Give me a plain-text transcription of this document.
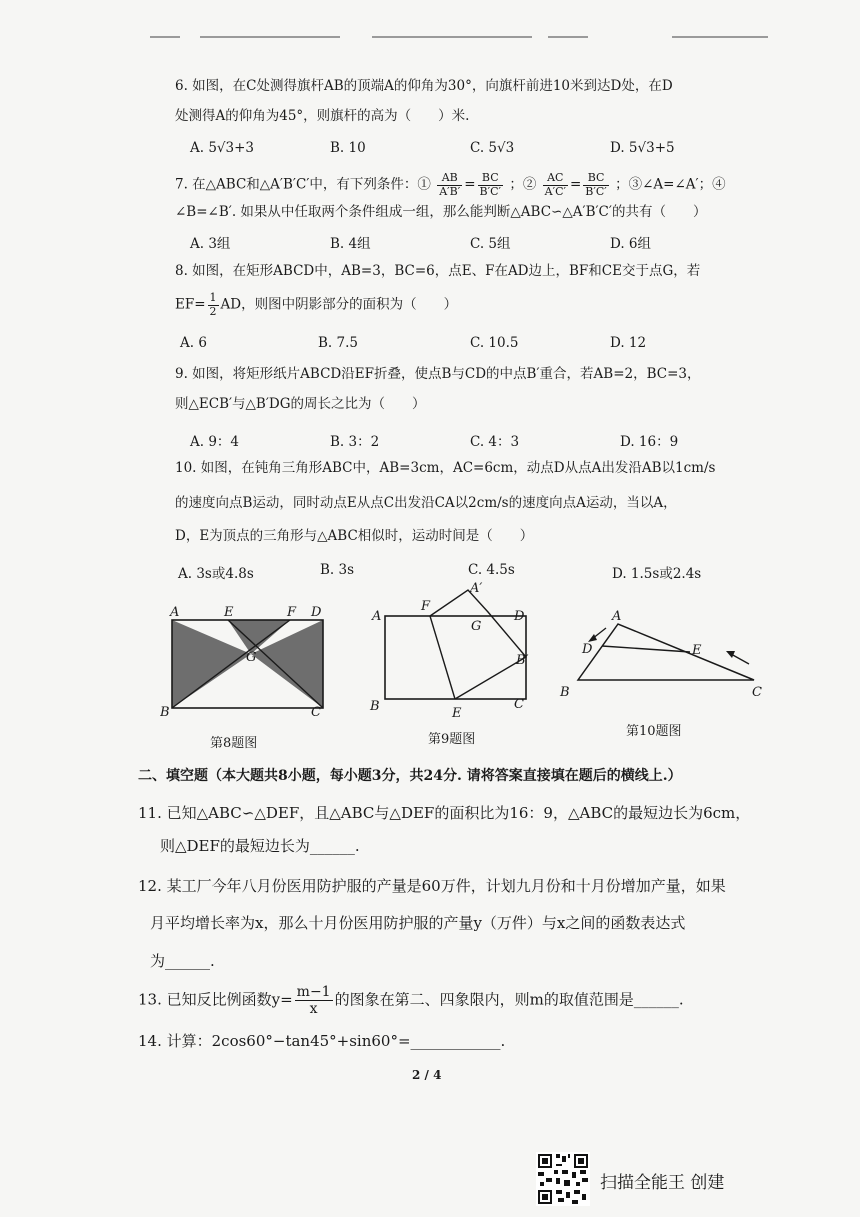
6. 如图，在C处测得旗杆AB的顶端A的仰角为30°，向旗杆前进10米到达D处，在D
处测得A的仰角为45°，则旗杆的高为（　　）米.
A. 5√3+3	B. 10	C. 5√3	D. 5√3+5
7. 在△ABC和△A′B′C′中，有下列条件：① $\frac{AB}{A'B'} = \frac{BC}{B'C'}$ ；② $\frac{AC}{A'C'} = \frac{BC}{B'C'}$ ；③∠A=∠A′；④
∠B=∠B′. 如果从中任取两个条件组成一组，那么能判断△ABC∽△A′B′C′的共有（　　）
A. 3组	B. 4组	C. 5组	D. 6组
8. 如图，在矩形ABCD中，AB=3，BC=6，点E、F在AD边上，BF和CE交于点G，若
$EF= \frac{1}{2}$ AD，则图中阴影部分的面积为（　　）
A. 6	B. 7.5	C. 10.5	D. 12
9. 如图，将矩形纸片ABCD沿EF折叠，使点B与CD的中点B′重合，若AB=2，BC=3，
则△ECB′与△B′DG的周长之比为（　　）
A. 9：4	B. 3：2	C. 4：3	D. 16：9
10. 如图，在钝角三角形ABC中，AB=3cm，AC=6cm，动点D从点A出发沿AB以1cm/s
的速度向点B运动，同时动点E从点C出发沿CA以2cm/s的速度向点A运动，当以A，
D，E为顶点的三角形与△ABC相似时，运动时间是（　　）
A. 3s或4.8s	B. 3s	C. 4.5s	D. 1.5s或2.4s
A	E	F D
G
B	C
第8题图
A
F
A′
D
G
B′
B	E
C
第9题图
A
D	E
B	C
第10题图
二、填空题（本大题共8小题，每小题3分，共24分. 请将答案直接填在题后的横线上.）
11. 已知△ABC∽△DEF，且△ABC与△DEF的面积比为16：9，△ABC的最短边长为6cm，
则△DEF的最短边长为______.
12. 某工厂今年八月份医用防护服的产量是60万件，计划九月份和十月份增加产量，如果
月平均增长率为x，那么十月份医用防护服的产量y（万件）与x之间的函数表达式
为______.
13. 已知反比例函数$y= \frac{m-1}{x}$ 的图象在第二、四象限内，则m的取值范围是______.
14. 计算：2cos60°−tan45°+sin60°=____________.
2 / 4
扫描全能王 创建
